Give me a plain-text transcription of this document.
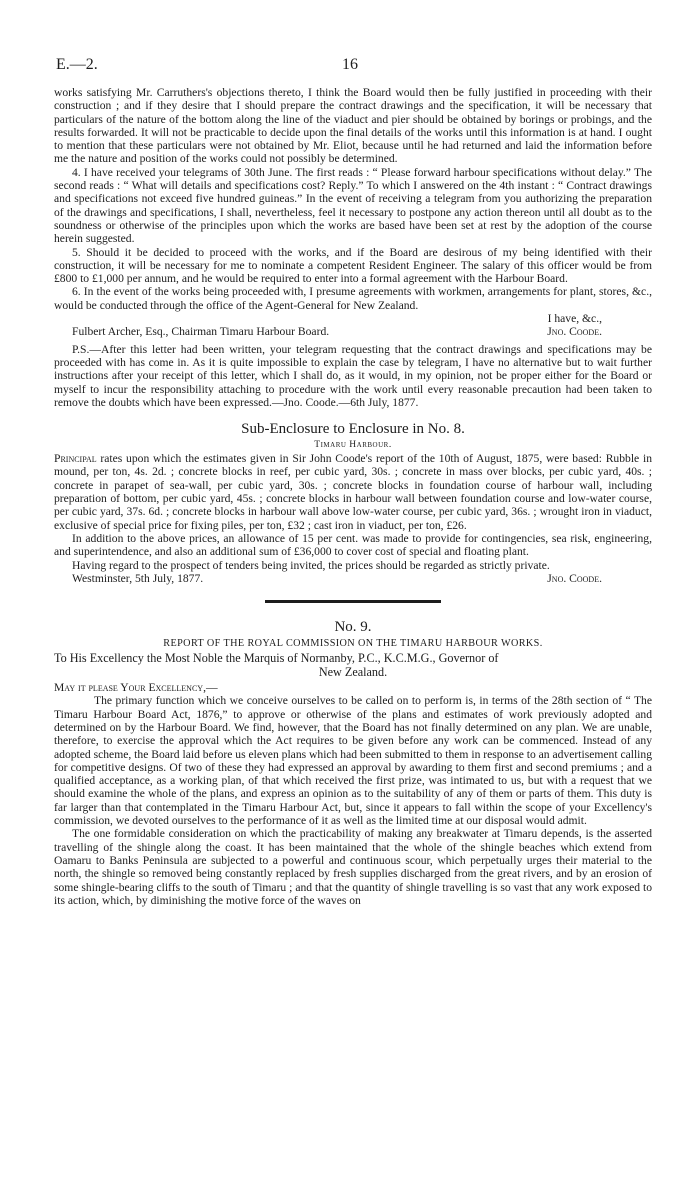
E.—2.	16

works satisfying Mr. Carruthers's objections thereto, I think the Board would then be fully justified in proceeding with their construction ; and if they desire that I should prepare the contract drawings and the specification, it will be necessary that particulars of the nature of the bottom along the line of the viaduct and pier should be obtained by borings or probings, and the results forwarded. It will not be practicable to decide upon the final details of the works until this information is at hand. I ought to mention that these particulars were not obtained by Mr. Eliot, because until he had returned and laid the information before me the nature and position of the works could not possibly be determined.

4. I have received your telegrams of 30th June. The first reads : “ Please forward harbour specifications without delay.” The second reads : “ What will details and specifications cost? Reply.” To which I answered on the 4th instant : “ Contract drawings and specifications not exceed five hundred guineas.” In the event of receiving a telegram from you authorizing the preparation of the drawings and specifications, I shall, nevertheless, feel it necessary to postpone any action thereon until all doubt as to the soundness or otherwise of the principles upon which the works are based have been set at rest by the adoption of the course herein suggested.

5. Should it be decided to proceed with the works, and if the Board are desirous of my being identified with their construction, it will be necessary for me to nominate a competent Resident Engineer. The salary of this officer would be from £800 to £1,000 per annum, and he would be required to enter into a formal agreement with the Harbour Board.

6. In the event of the works being proceeded with, I presume agreements with workmen, arrangements for plant, stores, &c., would be conducted through the office of the Agent-General for New Zealand.

I have, &c.,
Fulbert Archer, Esq., Chairman Timaru Harbour Board.	Jno. Coode.

P.S.—After this letter had been written, your telegram requesting that the contract drawings and specifications may be proceeded with has come in. As it is quite impossible to explain the case by telegram, I have no alternative but to wait further instructions after your receipt of this letter, which I shall do, as it would, in my opinion, not be proper either for the Board or myself to incur the responsibility attaching to procedure with the work until every reasonable precaution had been taken to remove the doubts which have been expressed.—Jno. Coode.—6th July, 1877.

Sub-Enclosure to Enclosure in No. 8.
Timaru Harbour.

Principal rates upon which the estimates given in Sir John Coode's report of the 10th of August, 1875, were based: Rubble in mound, per ton, 4s. 2d. ; concrete blocks in reef, per cubic yard, 30s. ; concrete in mass over blocks, per cubic yard, 40s. ; concrete in parapet of sea-wall, per cubic yard, 30s. ; concrete blocks in foundation course of harbour wall, including preparation of bottom, per cubic yard, 45s. ; concrete blocks in harbour wall between foundation course and low-water course, per cubic yard, 37s. 6d. ; concrete blocks in harbour wall above low-water course, per cubic yard, 36s. ; wrought iron in viaduct, exclusive of special price for fixing piles, per ton, £32 ; cast iron in viaduct, per ton, £26.

In addition to the above prices, an allowance of 15 per cent. was made to provide for contingencies, sea risk, engineering, and superintendence, and also an additional sum of £36,000 to cover cost of special and floating plant.

Having regard to the prospect of tenders being invited, the prices should be regarded as strictly private.

Westminster, 5th July, 1877.	Jno. Coode.
No. 9.
REPORT OF THE ROYAL COMMISSION ON THE TIMARU HARBOUR WORKS.

To His Excellency the Most Noble the Marquis of Normanby, P.C., K.C.M.G., Governor of

New Zealand.

May it please Your Excellency,—

The primary function which we conceive ourselves to be called on to perform is, in terms of the 28th section of “ The Timaru Harbour Board Act, 1876,” to approve or otherwise of the plans and estimates of work previously adopted and determined on by the Harbour Board. We find, however, that the Board has not finally determined on any plan. We are unable, therefore, to exercise the approval which the Act requires to be given before any work can be commenced. Instead of any adopted scheme, the Board laid before us eleven plans which had been submitted to them in response to an advertisement calling for competitive designs. Of two of these they had expressed an approval by awarding to them first and second premiums ; and a qualified acceptance, as a working plan, of that which received the first prize, was intimated to us, but with a request that we should examine the whole of the plans, and express an opinion as to the suitability of any of them or parts of them. This duty is far larger than that contemplated in the Timaru Harbour Act, but, since it appears to fall within the scope of your Excellency's commission, we devoted ourselves to the performance of it as well as the limited time at our disposal would admit.

The one formidable consideration on which the practicability of making any breakwater at Timaru depends, is the asserted travelling of the shingle along the coast. It has been maintained that the whole of the shingle beaches which extend from Oamaru to Banks Peninsula are subjected to a powerful and continuous scour, which perpetually urges their material to the north, the shingle so removed being constantly replaced by fresh supplies discharged from the great rivers, and by an erosion of some shingle-bearing cliffs to the south of Timaru ; and that the quantity of shingle travelling is so vast that any work exposed to its action, which, by diminishing the motive force of the waves on
